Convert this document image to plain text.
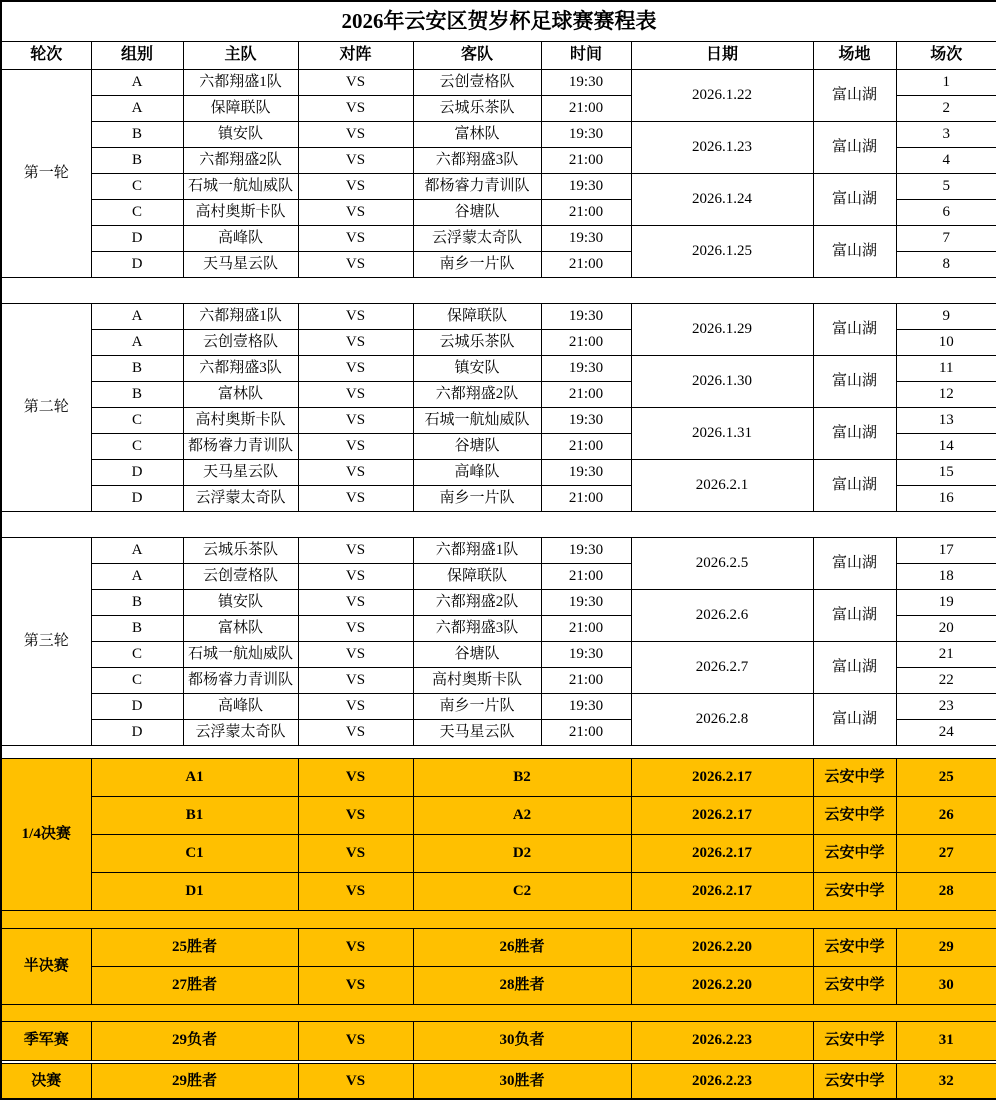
2026年云安区贺岁杯足球赛赛程表								
轮次	组别	主队	对阵	客队	时间	日期	场地	场次
第一轮	A	六都翔盛1队	VS	云创壹格队	19:30	2026.1.22	富山湖	1
	A	保障联队	VS	云城乐茶队	21:00			2
	B	镇安队	VS	富林队	19:30	2026.1.23	富山湖	3
	B	六都翔盛2队	VS	六都翔盛3队	21:00			4
	C	石城一航灿威队	VS	都杨睿力青训队	19:30	2026.1.24	富山湖	5
	C	高村奥斯卡队	VS	谷塘队	21:00			6
	D	高峰队	VS	云浮蒙太奇队	19:30	2026.1.25	富山湖	7
	D	天马星云队	VS	南乡一片队	21:00			8

第二轮	A	六都翔盛1队	VS	保障联队	19:30	2026.1.29	富山湖	9
	A	云创壹格队	VS	云城乐茶队	21:00			10
	B	六都翔盛3队	VS	镇安队	19:30	2026.1.30	富山湖	11
	B	富林队	VS	六都翔盛2队	21:00			12
	C	高村奥斯卡队	VS	石城一航灿威队	19:30	2026.1.31	富山湖	13
	C	都杨睿力青训队	VS	谷塘队	21:00			14
	D	天马星云队	VS	高峰队	19:30	2026.2.1	富山湖	15
	D	云浮蒙太奇队	VS	南乡一片队	21:00			16

第三轮	A	云城乐茶队	VS	六都翔盛1队	19:30	2026.2.5	富山湖	17
	A	云创壹格队	VS	保障联队	21:00			18
	B	镇安队	VS	六都翔盛2队	19:30	2026.2.6	富山湖	19
	B	富林队	VS	六都翔盛3队	21:00			20
	C	石城一航灿威队	VS	谷塘队	19:30	2026.2.7	富山湖	21
	C	都杨睿力青训队	VS	高村奥斯卡队	21:00			22
	D	高峰队	VS	南乡一片队	19:30	2026.2.8	富山湖	23
	D	云浮蒙太奇队	VS	天马星云队	21:00			24

1/4决赛	A1		VS	B2		2026.2.17	云安中学	25
	B1		VS	A2		2026.2.17	云安中学	26
	C1		VS	D2		2026.2.17	云安中学	27
	D1		VS	C2		2026.2.17	云安中学	28

半决赛	25胜者		VS	26胜者		2026.2.20	云安中学	29
	27胜者		VS	28胜者		2026.2.20	云安中学	30

季军赛	29负者		VS	30负者		2026.2.23	云安中学	31

决赛	29胜者		VS	30胜者		2026.2.23	云安中学	32
